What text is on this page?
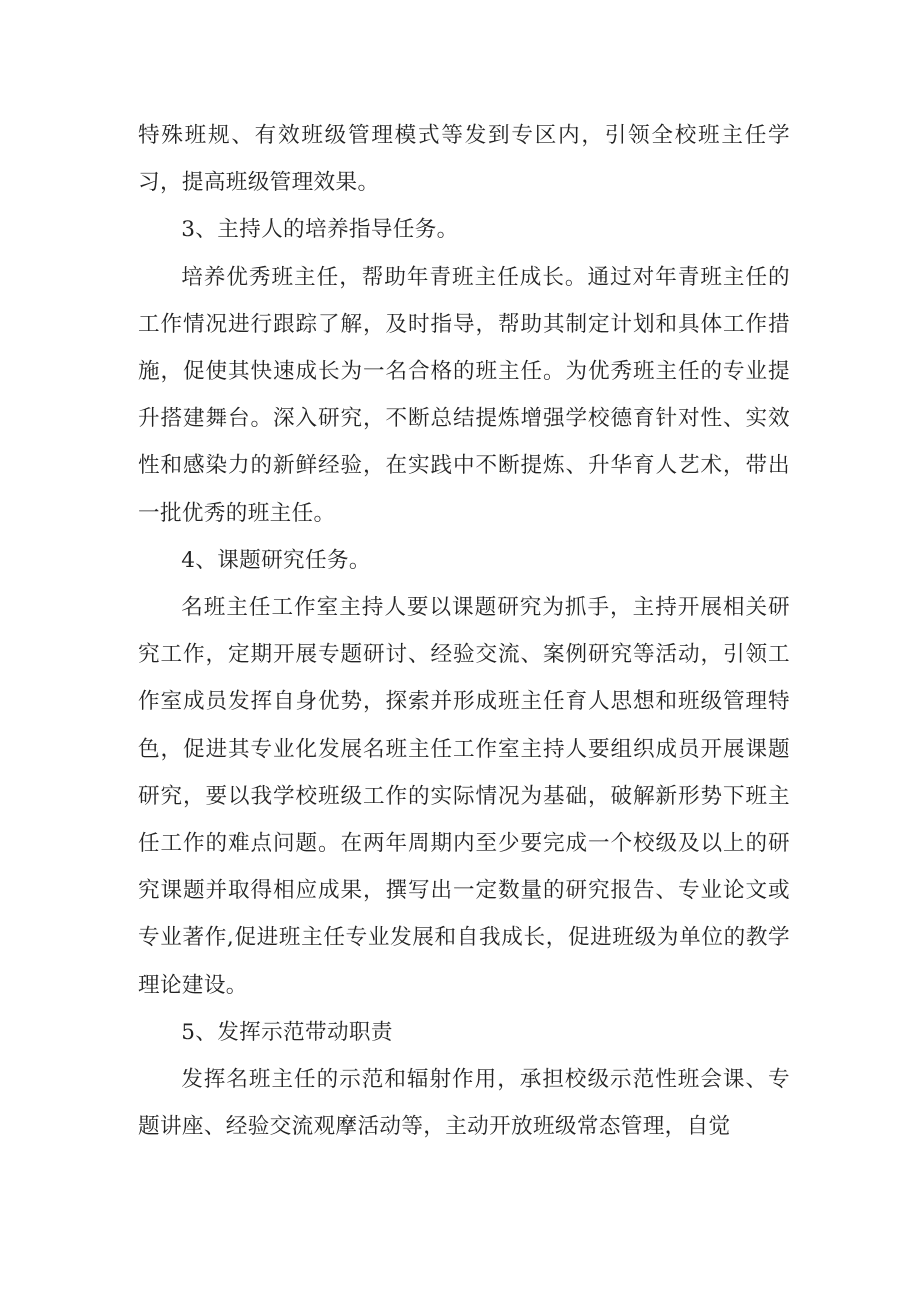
特殊班规、有效班级管理模式等发到专区内，引领全校班主任学习，提高班级管理效果。

3、主持人的培养指导任务。

培养优秀班主任，帮助年青班主任成长。通过对年青班主任的工作情况进行跟踪了解，及时指导，帮助其制定计划和具体工作措施，促使其快速成长为一名合格的班主任。为优秀班主任的专业提升搭建舞台。深入研究，不断总结提炼增强学校德育针对性、实效性和感染力的新鲜经验，在实践中不断提炼、升华育人艺术，带出一批优秀的班主任。

4、课题研究任务。

名班主任工作室主持人要以课题研究为抓手，主持开展相关研究工作，定期开展专题研讨、经验交流、案例研究等活动，引领工作室成员发挥自身优势，探索并形成班主任育人思想和班级管理特色，促进其专业化发展名班主任工作室主持人要组织成员开展课题研究，要以我学校班级工作的实际情况为基础，破解新形势下班主任工作的难点问题。在两年周期内至少要完成一个校级及以上的研究课题并取得相应成果，撰写出一定数量的研究报告、专业论文或专业著作,促进班主任专业发展和自我成长，促进班级为单位的教学理论建设。

5、发挥示范带动职责

发挥名班主任的示范和辐射作用，承担校级示范性班会课、专题讲座、经验交流观摩活动等，主动开放班级常态管理，自觉
